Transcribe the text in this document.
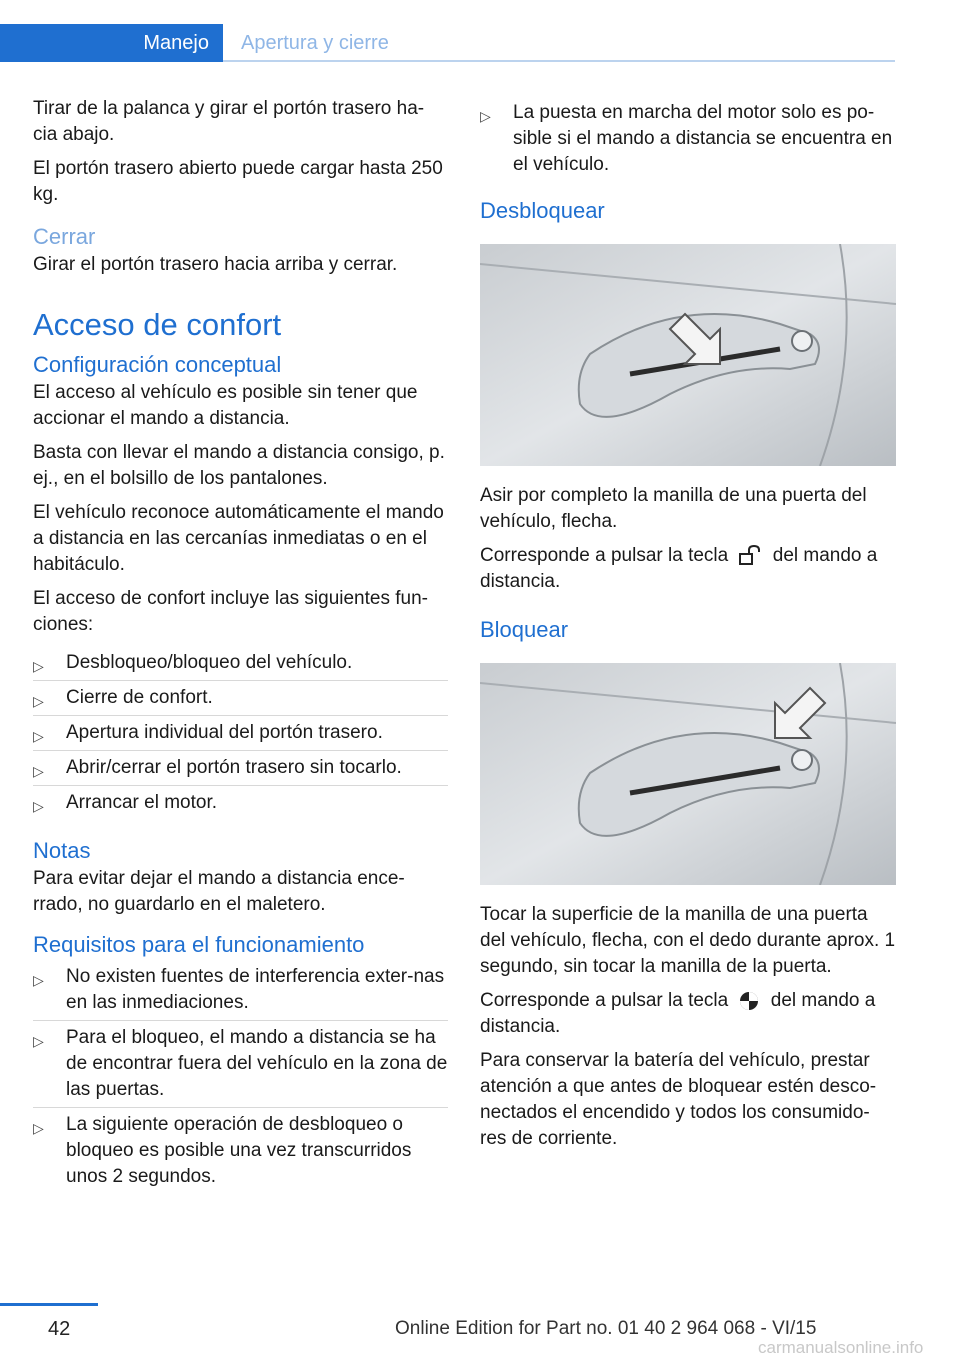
Manejo	Apertura y cierre

Tirar de la palanca y girar el portón trasero ha‐cia abajo.

El portón trasero abierto puede cargar hasta 250 kg.

Cerrar

Girar el portón trasero hacia arriba y cerrar.

Acceso de confort
Configuración conceptual

El acceso al vehículo es posible sin tener que accionar el mando a distancia.

Basta con llevar el mando a distancia consigo, p. ej., en el bolsillo de los pantalones.

El vehículo reconoce automáticamente el mando a distancia en las cercanías inmediatas o en el habitáculo.

El acceso de confort incluye las siguientes fun‐ciones:

▷ Desbloqueo/bloqueo del vehículo.
▷ Cierre de confort.
▷ Apertura individual del portón trasero.
▷ Abrir/cerrar el portón trasero sin tocarlo.
▷ Arrancar el motor.
Notas

Para evitar dejar el mando a distancia ence‐rrado, no guardarlo en el maletero.

Requisitos para el funcionamiento
▷ No existen fuentes de interferencia exter‐nas en las inmediaciones.
▷ Para el bloqueo, el mando a distancia se ha de encontrar fuera del vehículo en la zona de las puertas.
▷ La siguiente operación de desbloqueo o bloqueo es posible una vez transcurridos unos 2 segundos.
▷ La puesta en marcha del motor solo es po‐sible si el mando a distancia se encuentra en el vehículo.
Desbloquear

Asir por completo la manilla de una puerta del vehículo, flecha.

Corresponde a pulsar la tecla del mando a distancia.

Bloquear

Tocar la superficie de la manilla de una puerta del vehículo, flecha, con el dedo durante aprox. 1 segundo, sin tocar la manilla de la puerta.

Corresponde a pulsar la tecla del mando a distancia.

Para conservar la batería del vehículo, prestar atención a que antes de bloquear estén desco‐nectados el encendido y todos los consumido‐res de corriente.

42	Online Edition for Part no. 01 40 2 964 068 - VI/15
carmanualsonline.info
